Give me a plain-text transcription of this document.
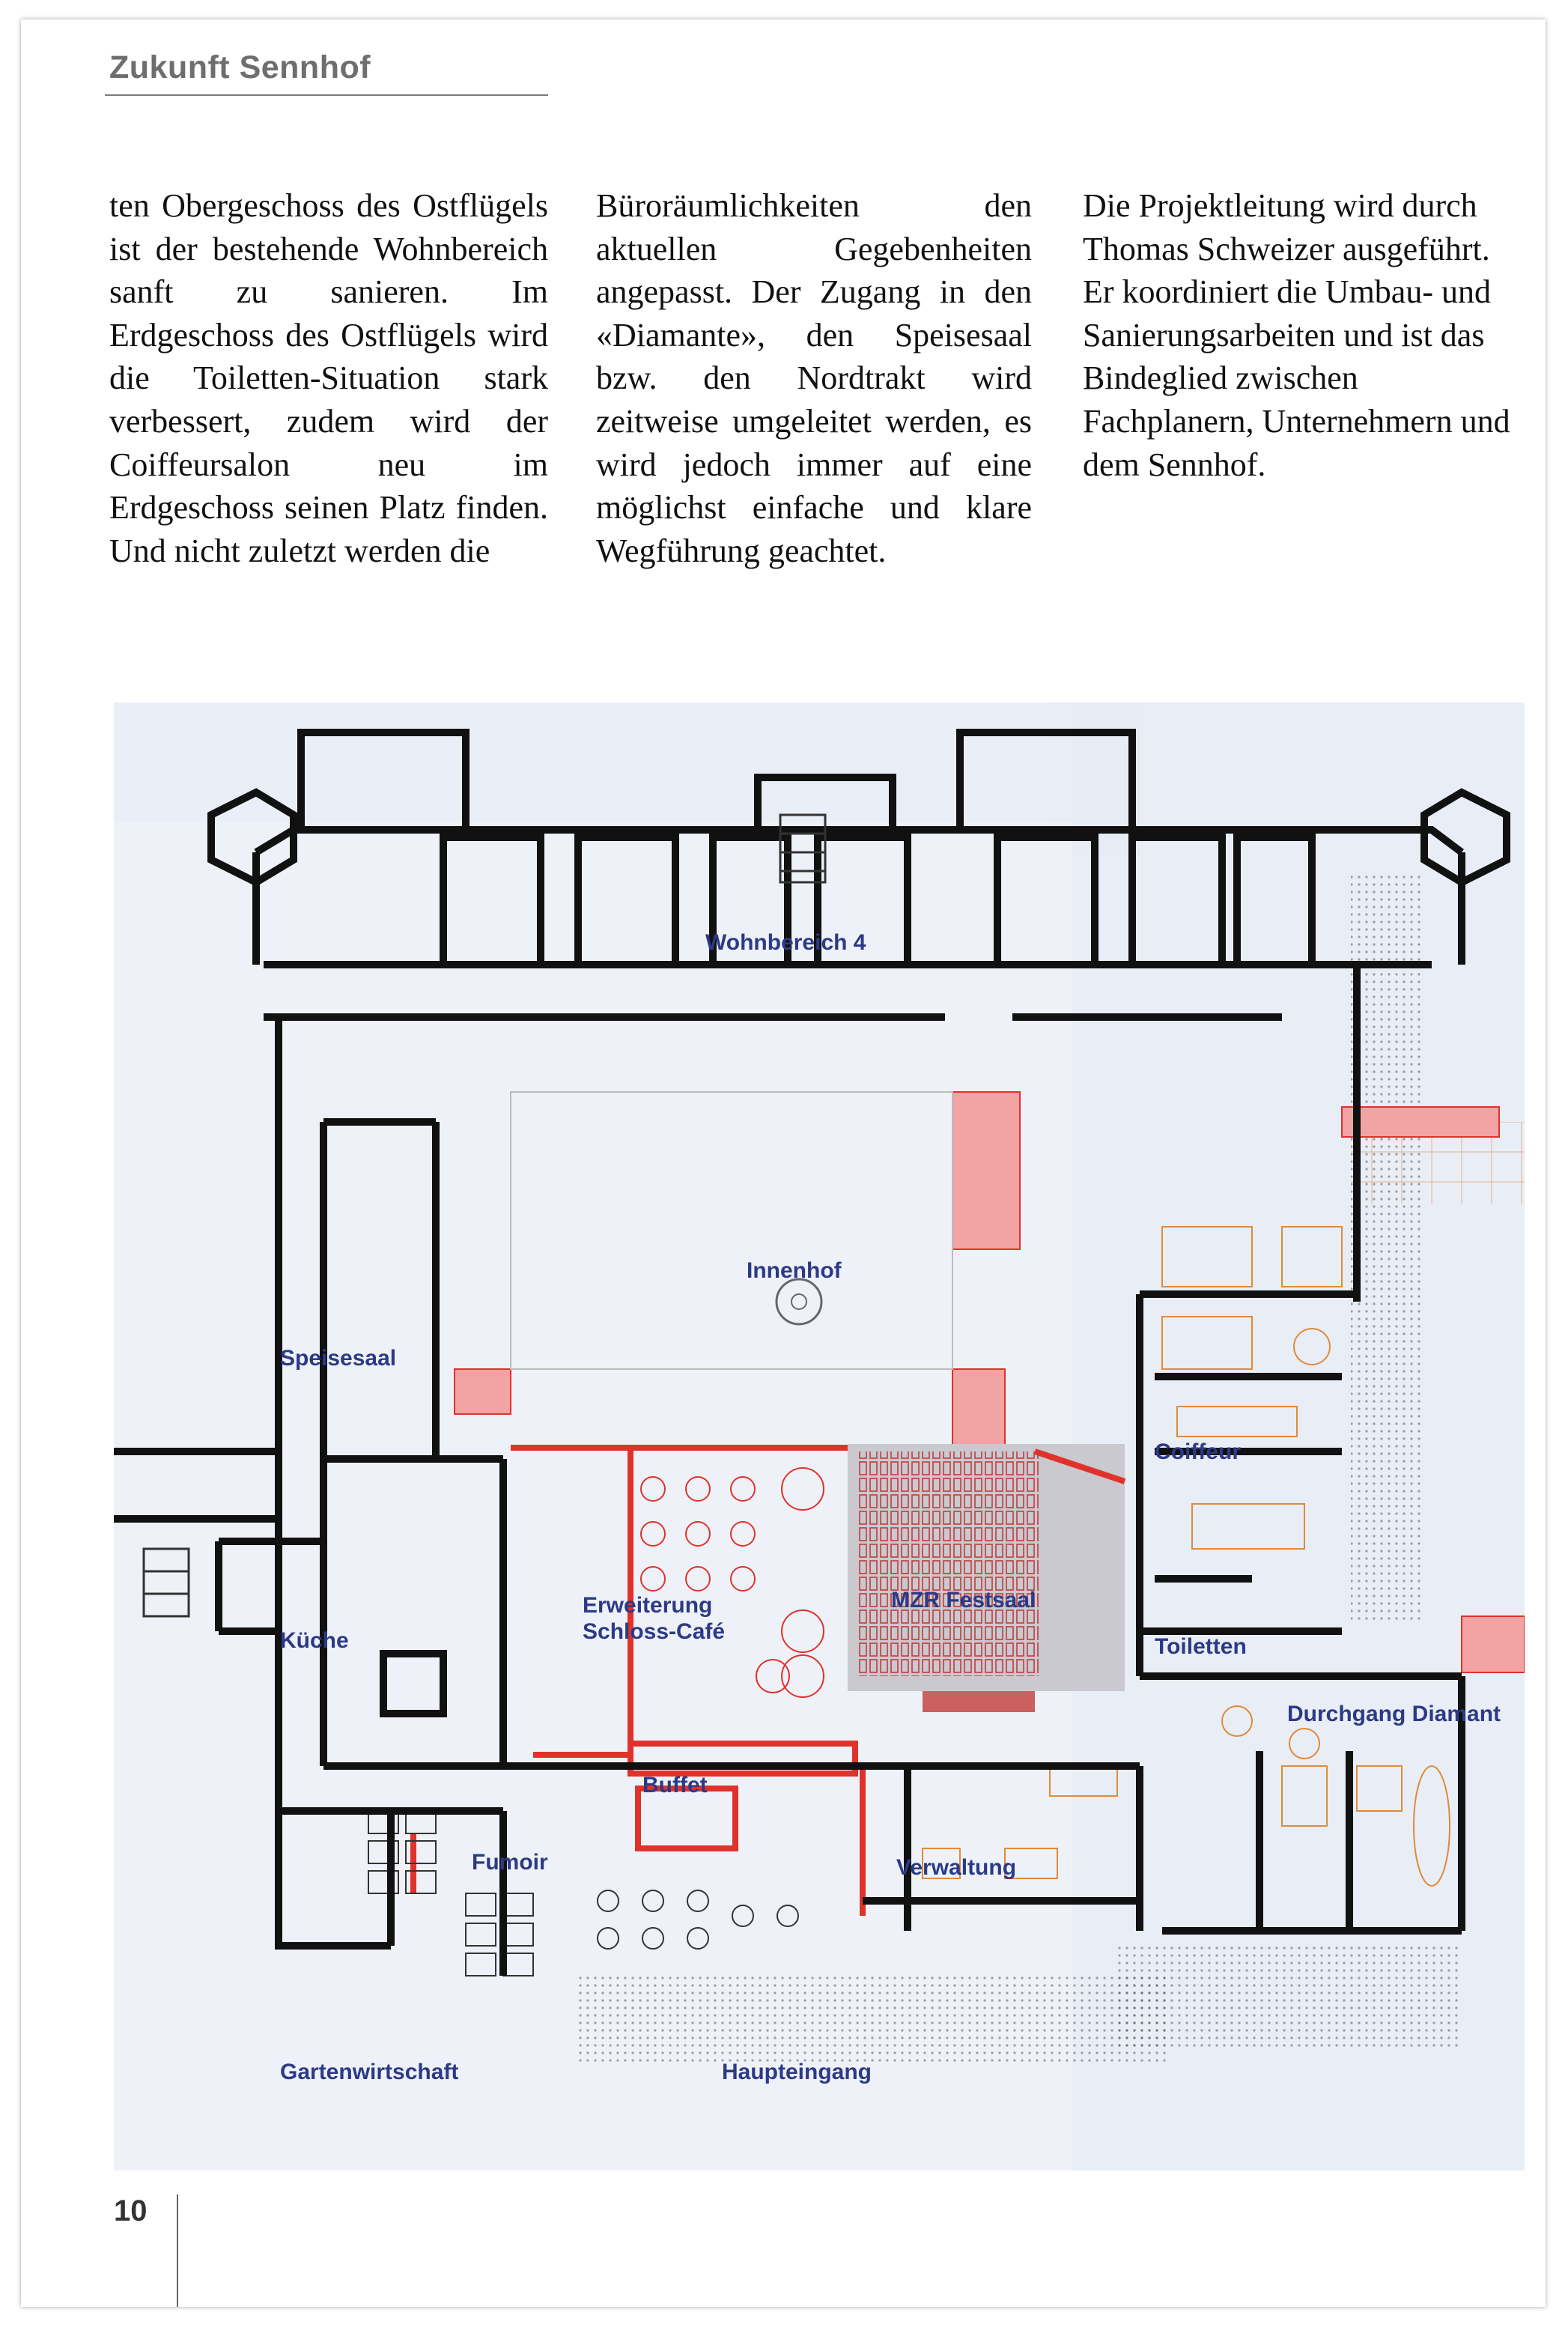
Zukunft Sennhof

ten Obergeschoss des Ostflügels ist der bestehende Wohnbereich sanft zu sanieren. Im Erdgeschoss des Ostflügels wird die Toiletten-Situation stark verbessert, zudem wird der Coiffeursalon neu im Erdgeschoss seinen Platz finden. Und nicht zuletzt werden die

Büroräumlichkeiten den aktuellen Gegebenheiten angepasst. Der Zugang in den «Diamante», den Speisesaal bzw. den Nordtrakt wird zeitweise umgeleitet werden, es wird jedoch immer auf eine möglichst einfache und klare Wegführung geachtet.

Die Projektleitung wird durch Thomas Schweizer ausgeführt. Er koordiniert die Umbau- und Sanierungsarbeiten und ist das Bindeglied zwischen Fachplanern, Unternehmern und dem Sennhof.

Wohnbereich 4
Innenhof
Speisesaal
Coiffeur
Erweiterung
Schloss-Café
MZR Festsaal
Küche	Toiletten
Durchgang Diamant
Buffet
Fumoir	Verwaltung
Gartenwirtschaft	Haupteingang
10
